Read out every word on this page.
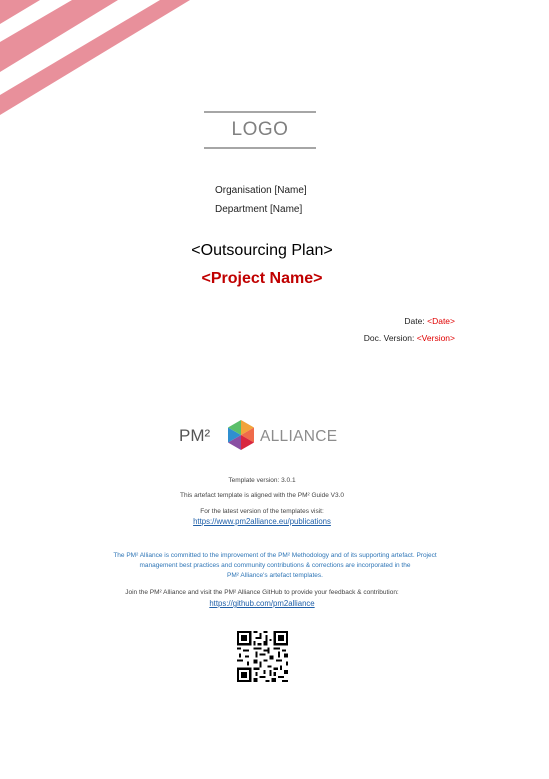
LOGO
Organisation [Name]
Department [Name]
<Outsourcing Plan>
<Project Name>
Date: <Date>
Doc. Version: <Version>
PM²	ALLIANCE
Template version: 3.0.1
This artefact template is aligned with the PM² Guide V3.0
For the latest version of the templates visit:
https://www.pm2alliance.eu/publications
The PM² Alliance is committed to the improvement of the PM² Methodology and of its supporting artefact. Project
management best practices and community contributions & corrections are incorporated in the
PM² Alliance's artefact templates.
Join the PM² Alliance and visit the PM² Alliance GitHub to provide your feedback & contribution:
https://github.com/pm2alliance
